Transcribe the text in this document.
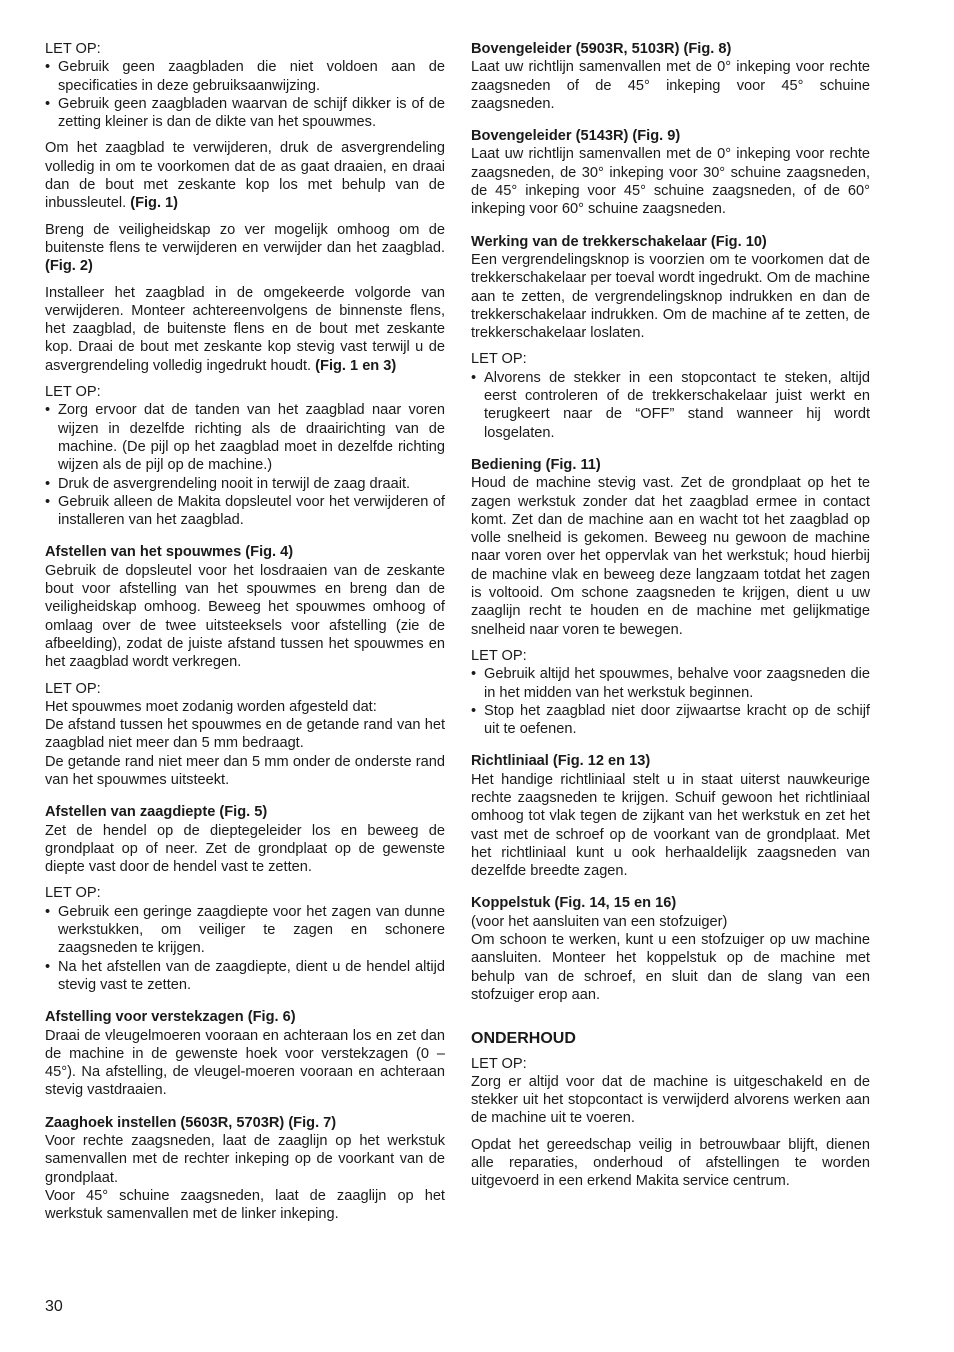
LET OP:

• Gebruik geen zaagbladen die niet voldoen aan de specificaties in deze gebruiksaanwijzing.
• Gebruik geen zaagbladen waarvan de schijf dikker is of de zetting kleiner is dan de dikte van het spouwmes.

Om het zaagblad te verwijderen, druk de asvergrendeling volledig in om te voorkomen dat de as gaat draaien, en draai dan de bout met zeskante kop los met behulp van de inbussleutel. (Fig. 1)

Breng de veiligheidskap zo ver mogelijk omhoog om de buitenste flens te verwijderen en verwijder dan het zaagblad. (Fig. 2)

Installeer het zaagblad in de omgekeerde volgorde van verwijderen. Monteer achtereenvolgens de binnenste flens, het zaagblad, de buitenste flens en de bout met zeskante kop. Draai de bout met zeskante kop stevig vast terwijl u de asvergrendeling volledig ingedrukt houdt. (Fig. 1 en 3)

LET OP:

• Zorg ervoor dat de tanden van het zaagblad naar voren wijzen in dezelfde richting als de draairichting van de machine. (De pijl op het zaagblad moet in dezelfde richting wijzen als de pijl op de machine.)
• Druk de asvergrendeling nooit in terwijl de zaag draait.
• Gebruik alleen de Makita dopsleutel voor het verwijderen of installeren van het zaagblad.

Afstellen van het spouwmes (Fig. 4)

Gebruik de dopsleutel voor het losdraaien van de zeskante bout voor afstelling van het spouwmes en breng dan de veiligheidskap omhoog. Beweeg het spouwmes omhoog of omlaag over de twee uitsteeksels voor afstelling (zie de afbeelding), zodat de juiste afstand tussen het spouwmes en het zaagblad wordt verkregen.

LET OP:

Het spouwmes moet zodanig worden afgesteld dat:

De afstand tussen het spouwmes en de getande rand van het zaagblad niet meer dan 5 mm bedraagt.

De getande rand niet meer dan 5 mm onder de onderste rand van het spouwmes uitsteekt.

Afstellen van zaagdiepte (Fig. 5)

Zet de hendel op de dieptegeleider los en beweeg de grondplaat op of neer. Zet de grondplaat op de gewenste diepte vast door de hendel vast te zetten.

LET OP:

• Gebruik een geringe zaagdiepte voor het zagen van dunne werkstukken, om veiliger te zagen en schonere zaagsneden te krijgen.
• Na het afstellen van de zaagdiepte, dient u de hendel altijd stevig vast te zetten.

Afstelling voor verstekzagen (Fig. 6)

Draai de vleugelmoeren vooraan en achteraan los en zet dan de machine in de gewenste hoek voor verstekzagen (0 – 45°). Na afstelling, de vleugel-moeren vooraan en achteraan stevig vastdraaien.

Zaaghoek instellen (5603R, 5703R) (Fig. 7)

Voor rechte zaagsneden, laat de zaaglijn op het werkstuk samenvallen met de rechter inkeping op de voorkant van de grondplaat.

Voor 45° schuine zaagsneden, laat de zaaglijn op het werkstuk samenvallen met de linker inkeping.

Bovengeleider (5903R, 5103R) (Fig. 8)

Laat uw richtlijn samenvallen met de 0° inkeping voor rechte zaagsneden of de 45° inkeping voor 45° schuine zaagsneden.

Bovengeleider (5143R) (Fig. 9)

Laat uw richtlijn samenvallen met de 0° inkeping voor rechte zaagsneden, de 30° inkeping voor 30° schuine zaagsneden, de 45° inkeping voor 45° schuine zaagsneden, of de 60° inkeping voor 60° schuine zaagsneden.

Werking van de trekkerschakelaar (Fig. 10)

Een vergrendelingsknop is voorzien om te voorkomen dat de trekkerschakelaar per toeval wordt ingedrukt. Om de machine aan te zetten, de vergrendelingsknop indrukken en dan de trekkerschakelaar indrukken. Om de machine af te zetten, de trekkerschakelaar loslaten.

LET OP:

• Alvorens de stekker in een stopcontact te steken, altijd eerst controleren of de trekkerschakelaar juist werkt en terugkeert naar de “OFF” stand wanneer hij wordt losgelaten.

Bediening (Fig. 11)

Houd de machine stevig vast. Zet de grondplaat op het te zagen werkstuk zonder dat het zaagblad ermee in contact komt. Zet dan de machine aan en wacht tot het zaagblad op volle snelheid is gekomen. Beweeg nu gewoon de machine naar voren over het oppervlak van het werkstuk; houd hierbij de machine vlak en beweeg deze langzaam totdat het zagen is voltooid. Om schone zaagsneden te krijgen, dient u uw zaaglijn recht te houden en de machine met gelijkmatige snelheid naar voren te bewegen.

LET OP:

• Gebruik altijd het spouwmes, behalve voor zaagsneden die in het midden van het werkstuk beginnen.
• Stop het zaagblad niet door zijwaartse kracht op de schijf uit te oefenen.

Richtliniaal (Fig. 12 en 13)

Het handige richtliniaal stelt u in staat uiterst nauwkeurige rechte zaagsneden te krijgen. Schuif gewoon het richtliniaal omhoog tot vlak tegen de zijkant van het werkstuk en zet het vast met de schroef op de voorkant van de grondplaat. Met het richtliniaal kunt u ook herhaaldelijk zaagsneden van dezelfde breedte zagen.

Koppelstuk (Fig. 14, 15 en 16)

(voor het aansluiten van een stofzuiger)

Om schoon te werken, kunt u een stofzuiger op uw machine aansluiten. Monteer het koppelstuk op de machine met behulp van de schroef, en sluit dan de slang van een stofzuiger erop aan.

ONDERHOUD

LET OP:

Zorg er altijd voor dat de machine is uitgeschakeld en de stekker uit het stopcontact is verwijderd alvorens werken aan de machine uit te voeren.

Opdat het gereedschap veilig in betrouwbaar blijft, dienen alle reparaties, onderhoud of afstellingen te worden uitgevoerd in een erkend Makita service centrum.

30
